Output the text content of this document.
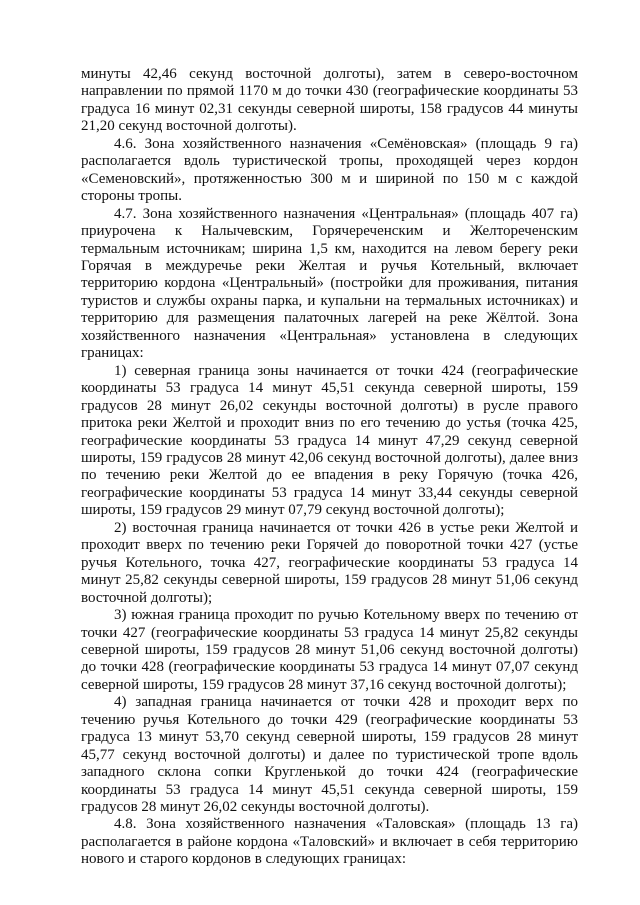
минуты 42,46 секунд восточной долготы), затем в северо-восточном направлении по прямой 1170 м до точки 430 (географические координаты 53 градуса 16 минут 02,31 секунды северной широты, 158 градусов 44 минуты 21,20 секунд восточной долготы).

4.6. Зона хозяйственного назначения «Семёновская» (площадь 9 га) располагается вдоль туристической тропы, проходящей через кордон «Семеновский», протяженностью 300 м и шириной по 150 м с каждой стороны тропы.

4.7. Зона хозяйственного назначения «Центральная» (площадь 407 га) приурочена к Налычевским, Горячереченским и Желтореченским термальным источникам; ширина 1,5 км, находится на левом берегу реки Горячая в междуречье реки Желтая и ручья Котельный, включает территорию кордона «Центральный» (постройки для проживания, питания туристов и службы охраны парка, и купальни на термальных источниках) и территорию для размещения палаточных лагерей на реке Жёлтой. Зона хозяйственного назначения «Центральная» установлена в следующих границах:

1) северная граница зоны начинается от точки 424 (географические координаты 53 градуса 14 минут 45,51 секунда северной широты, 159 градусов 28 минут 26,02 секунды восточной долготы) в русле правого притока реки Желтой и проходит вниз по его течению до устья (точка 425, географические координаты 53 градуса 14 минут 47,29 секунд северной широты, 159 градусов 28 минут 42,06 секунд восточной долготы), далее вниз по течению реки Желтой до ее впадения в реку Горячую (точка 426, географические координаты 53 градуса 14 минут 33,44 секунды северной широты, 159 градусов 29 минут 07,79 секунд восточной долготы);

2) восточная граница начинается от точки 426 в устье реки Желтой и проходит вверх по течению реки Горячей до поворотной точки 427 (устье ручья Котельного, точка 427, географические координаты 53 градуса 14 минут 25,82 секунды северной широты, 159 градусов 28 минут 51,06 секунд восточной долготы);

3) южная граница проходит по ручью Котельному вверх по течению от точки 427 (географические координаты 53 градуса 14 минут 25,82 секунды северной широты, 159 градусов 28 минут 51,06 секунд восточной долготы) до точки 428 (географические координаты 53 градуса 14 минут 07,07 секунд северной широты, 159 градусов 28 минут 37,16 секунд восточной долготы);

4) западная граница начинается от точки 428 и проходит верх по течению ручья Котельного до точки 429 (географические координаты 53 градуса 13 минут 53,70 секунд северной широты, 159 градусов 28 минут 45,77 секунд восточной долготы) и далее по туристической тропе вдоль западного склона сопки Кругленькой до точки 424 (географические координаты 53 градуса 14 минут 45,51 секунда северной широты, 159 градусов 28 минут 26,02 секунды восточной долготы).

4.8. Зона хозяйственного назначения «Таловская» (площадь 13 га) располагается в районе кордона «Таловский» и включает в себя территорию нового и старого кордонов в следующих границах:
